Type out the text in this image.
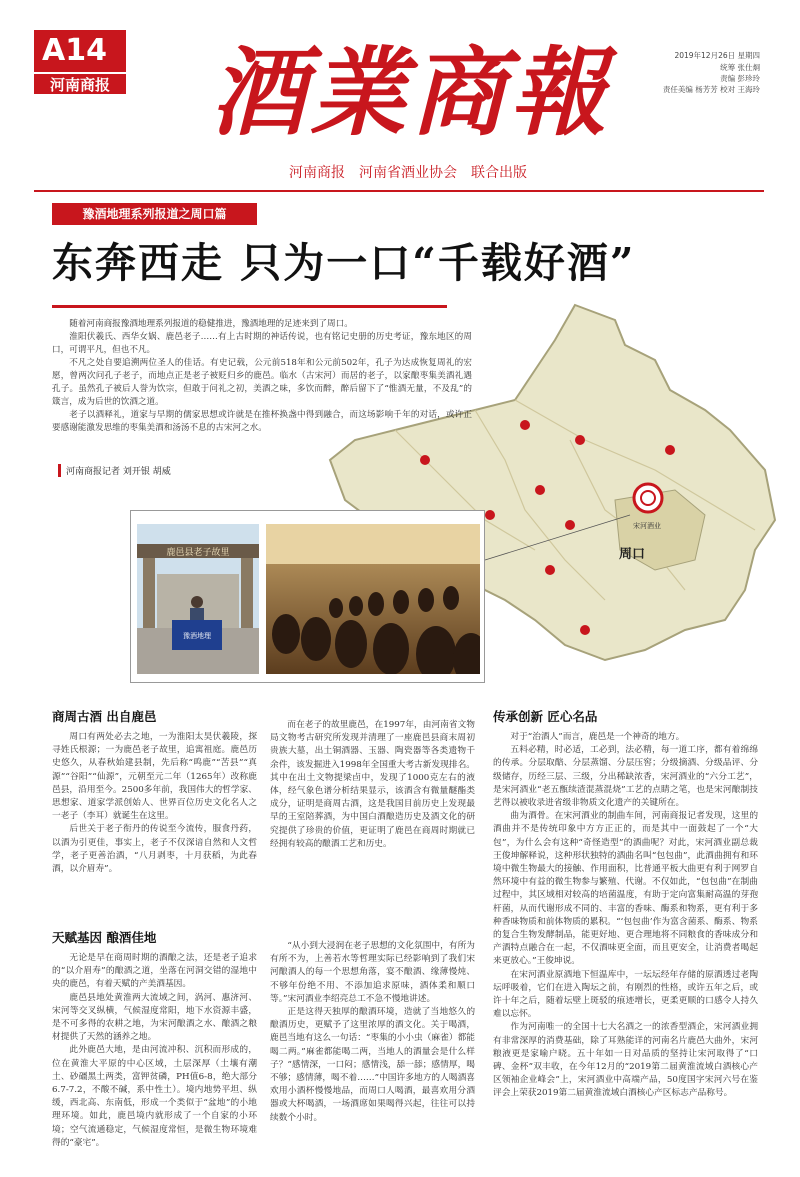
A14
河南商报 酒業商報
河南商报　河南省酒业协会　联合出版
2019年12月26日 星期四
统筹 张仕炯
责编 彭珍玲
责任美编 杨芳芳 校对 王海玲
豫酒地理系列报道之周口篇
东奔西走 只为一口“千载好酒”
宋河酒业
周口

随着河南商报豫酒地理系列报道的稳健推进，豫酒地理的足迹来到了周口。

淮阳伏羲氏、西华女娲、鹿邑老子……有上古时期的神话传说，也有铭记史册的历史考证，豫东地区的周口，可谓平凡，但也不凡。

不凡之处自要追溯两位圣人的佳话。有史记载，公元前518年和公元前502年，孔子为达成恢复周礼的宏愿，曾两次问孔子老子，而地点正是老子被贬归乡的鹿邑。临水（古宋河）而居的老子，以家酿枣集美酒礼遇孔子。虽然孔子被后人誉为饮宗，但敢于问礼之初，美酒之味，多饮而醉，醉后留下了“惟酒无量，不及乱”的箴言，成为后世的饮酒之道。

老子以酒释礼，道家与早期的儒家思想或许就是在推杯换盏中得到融合，而这场影响千年的对话，或许正要感谢能激发思维的枣集美酒和汤汤不息的古宋河之水。

河南商报记者 刘开银 胡威
鹿邑县老子故里
豫酒地理
商周古酒 出自鹿邑

周口有两处必去之地，一为淮阳太昊伏羲陵，探寻姓氏根源；一为鹿邑老子故里，追寓祖庭。鹿邑历史悠久，从春秋始建县制，先后称“鸣鹿”“苦县”“真源”“谷阳”“仙源”，元朝至元二年（1265年）改称鹿邑县，沿用至今。2500多年前，我国伟大的哲学家、思想家、道家学派创始人、世界百位历史文化名人之一老子（李耳）就诞生在这里。

后世关于老子衔丹的传说至今流传，服食丹药，以酒为引更佳，事实上，老子不仅深谙自然和人文哲学，老子更善治酒，“八月剥枣，十月获稻，为此春酒，以介眉寿”。

天赋基因 酿酒佳地

无论是早在商周时期的酒酿之法，还是老子追求的“以介眉寿”的酿酒之道，坐落在河洞交错的湿地中央的鹿邑，有着天赋的产美酒基因。

鹿邑县地处黄淮两大流域之间，涡河、惠济河、宋河等交叉纵横，气候湿度常阳，地下水资源丰盛，是不可多得的农耕之地，为宋河酿酒之水、酿酒之粮材提供了天然的涵养之地。

此外鹿邑大地，是由河流冲积、沉积而形成的，位在黄淮大平原的中心区域，土层深厚（土壤有潮土、砂礓黑土两类，富钾贫磷，PH值6-8，绝大部分6.7-7.2，不酸不碱，系中性土）。境内地势平坦、纵缓，西北高、东南低，形成一个类似于“盆地”的小地理环境。如此，鹿邑境内就形成了一个自家的小环境；空气流通稳定，气候湿度常恒，是微生物环境难得的“豪宅”。

而在老子的故里鹿邑，在1997年，由河南省文物局文物考古研究所发现并清理了一座鹿邑县商末周初贵族大墓，出土铜酒器、玉器、陶瓷器等各类遗物千余件，该发掘进入1998年全国重大考古新发现排名。其中在出土文物提梁卣中，发现了1000克左右的液体，经气象色谱分析结果显示，该酒含有微量醚酯类成分，证明是商周古酒，这是我国目前历史上发现最早的王室陪葬酒，为中国白酒酿造历史及酒文化的研究提供了珍贵的价值，更证明了鹿邑在商周时期就已经拥有较高的酿酒工艺和历史。

“从小到大浸润在老子思想的文化氛围中，有所为有所不为，上善若水等哲理实际已经影响到了我们宋河酿酒人的每一个思想角落，宴不酿酒、缘薄慢炖、不够年份绝不用、不添加追求原味，酒体柔和顺口等。”宋河酒业李绍亮总工不急不慢地讲述。

正是这得天独厚的酿酒环境，造就了当地悠久的酿酒历史，更赋予了这里浓厚的酒文化。关于喝酒，鹿邑当地有这么一句话：“枣集的小小虫（麻雀）都能喝二两。”麻雀都能喝二两，当地人的酒量会是什么样子？”感情深，一口闷；感情浅，舔一舔；感情厚，喝不够；感情薄，喝不着……”中国许多地方的人喝酒喜欢用小酒杯慢慢地品，而周口人喝酒，最喜欢用分酒器或大杯喝酒，一场酒席如果喝得兴起，往往可以持续数个小时。

传承创新 匠心名品

对于“治酒人”而言，鹿邑是一个神奇的地方。

五料必精，时必适，工必到，法必精，每一道工序，都有着绵绵的传承。分层取醅、分层蒸馏、分层压窖；分级摘酒、分级品评、分级储存，历经三层、三级，分出稀缺浓香，宋河酒业的“六分工艺”，是宋河酒业“老五甑续渣混蒸混烧”工艺的点睛之笔，也是宋河酿制技艺得以被收录进省级非物质文化遗产的关键所在。

曲为酒骨。在宋河酒业的制曲车间，河南商报记者发现，这里的酒曲并不是传统印象中方方正正的，而是其中一面鼓起了一个“大包”，为什么会有这种“奇怪造型”的酒曲呢？对此，宋河酒业副总裁王俊坤解释说，这种形状独特的酒曲名叫“包包曲”，此酒曲拥有和环境中微生物最大的接触、作用面积，比普通平板大曲更有利于网罗自然环境中有益的微生物参与繁殖、代谢。不仅如此，“包包曲”在制曲过程中，其区域相对较高的培菌温度，有助于定向富集耐高温的芽孢杆菌，从而代谢形成不同的、丰富的香味、酶系和物系，更有利于多种香味物质和前体物质的累积。“‘包包曲’作为富含菌系、酶系、物系的复合生物发酵制品，能更好地、更合理地将不同粮食的香味成分和产酒特点融合在一起，不仅酒味更全面，而且更安全，让消费者喝起来更放心。”王俊坤说。

在宋河酒业原酒地下恒温库中，一坛坛经年存储的原酒透过老陶坛呼吸着，它们在进入陶坛之前，有刚烈的性格，或许五年之后，或许十年之后，随着坛壁上斑驳的痕迹增长，更柔更顺的口感令人持久难以忘怀。

作为河南唯一的全国十七大名酒之一的浓香型酒企，宋河酒业拥有非常深厚的消费基础，除了耳熟能详的河南名片鹿邑大曲外，宋河粮液更是家喻户晓。五十年如一日对品质的坚持让宋河取得了“口碑、金杯”双丰收，在今年12月的“2019第二届黄淮流域白酒核心产区领袖企业峰会”上，宋河酒业中高端产品，50度国字宋河六号在鉴评会上荣获2019第二届黄淮流域白酒核心产区标志产品称号。
